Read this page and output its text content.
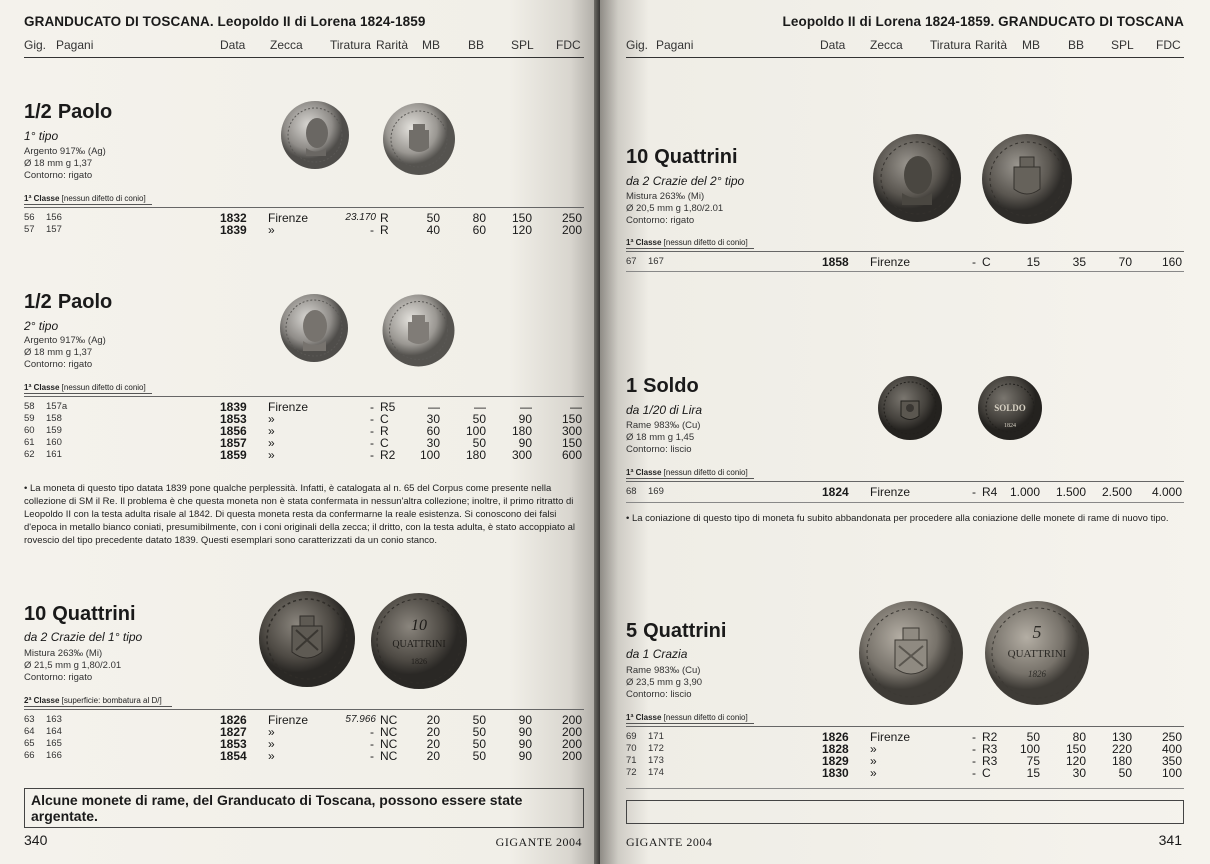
GRANDUCATO DI TOSCANA. Leopoldo II di Lorena 1824-1859
Gig. Pagani	Data Zecca Tiratura Rarità MB BB SPL FDC
1/2 Paolo
1° tipo
Argento 917‰ (Ag)
Ø 18 mm g 1,37
Contorno: rigato
1ª Classe [nessun difetto di conio]
56 156	1832 Firenze	23.170 R	50	80 150 250
57 157	1839 »	- R	40	60 120 200
1/2 Paolo
2° tipo
Argento 917‰ (Ag)
Ø 18 mm g 1,37
Contorno: rigato
1ª Classe [nessun difetto di conio]
58 157a	1839 Firenze	- R5	—	—	—	—
59 158	1853 »	- C	30	50	90 150
60 159	1856 »	- R	60 100 180 300
61 160	1857 »	- C	30	50	90 150
62 161	1859 »	- R2 100 180 300 600
• La moneta di questo tipo datata 1839 pone qualche perplessità. Infatti, è catalogata al n. 65 del Corpus come presente nella collezione di SM il Re. Il problema è che questa moneta non è stata confermata in nessun'altra collezione; inoltre, il primo ritratto di Leopoldo II con la testa adulta risale al 1842. Di questa moneta resta da confermarne la reale esistenza. Si conoscono dei falsi d'epoca in metallo bianco coniati, presumibilmente, con i coni originali della zecca; il dritto, con la testa adulta, è stato accoppiato al rovescio del tipo precedente datato 1839. Questi esemplari sono caratterizzati da un conio stanco.
10 Quattrini
da 2 Crazie del 1° tipo
Mistura 263‰ (Mi)
Ø 21,5 mm g 1,80/2.01
Contorno: rigato
2ª Classe [superficie: bombatura al D/]
63 163	1826 Firenze	57.966 NC 20	50	90 200
64 164	1827 »	- NC 20	50	90 200
65 165	1853 »	- NC 20	50	90 200
66 166	1854 »	- NC 20	50	90 200
10
QUATTRINI
1826
Alcune monete di rame, del Granducato di Toscana, possono essere state argentate.
340	GIGANTE 2004
Leopoldo II di Lorena 1824-1859. GRANDUCATO DI TOSCANA
Gig. Pagani	Data Zecca Tiratura Rarità MB BB SPL FDC
10 Quattrini
da 2 Crazie del 2° tipo
Mistura 263‰ (Mi)
Ø 20,5 mm g 1,80/2.01
Contorno: rigato
1ª Classe [nessun difetto di conio]
67 167	1858 Firenze	- C	15	35	70 160
1 Soldo
da 1/20 di Lira
Rame 983‰ (Cu)
Ø 18 mm g 1,45
Contorno: liscio
1ª Classe [nessun difetto di conio]
68 169	1824 Firenze	- R4 1.000 1.500 2.500 4.000
• La coniazione di questo tipo di moneta fu subito abbandonata per procedere alla coniazione delle monete di rame di nuovo tipo.
SOLDO
1824
5 Quattrini
da 1 Crazia
Rame 983‰ (Cu)
Ø 23,5 mm g 3,90
Contorno: liscio
1ª Classe [nessun difetto di conio]
69 171	1826 Firenze	- R2 50	80 130 250
70 172	1828 »	- R3 100 150 220 400
71 173	1829 »	- R3 75 120 180 350
72 174	1830 »	- C	15	30	50 100
5
QUATTRINI
1826
GIGANTE 2004	341
